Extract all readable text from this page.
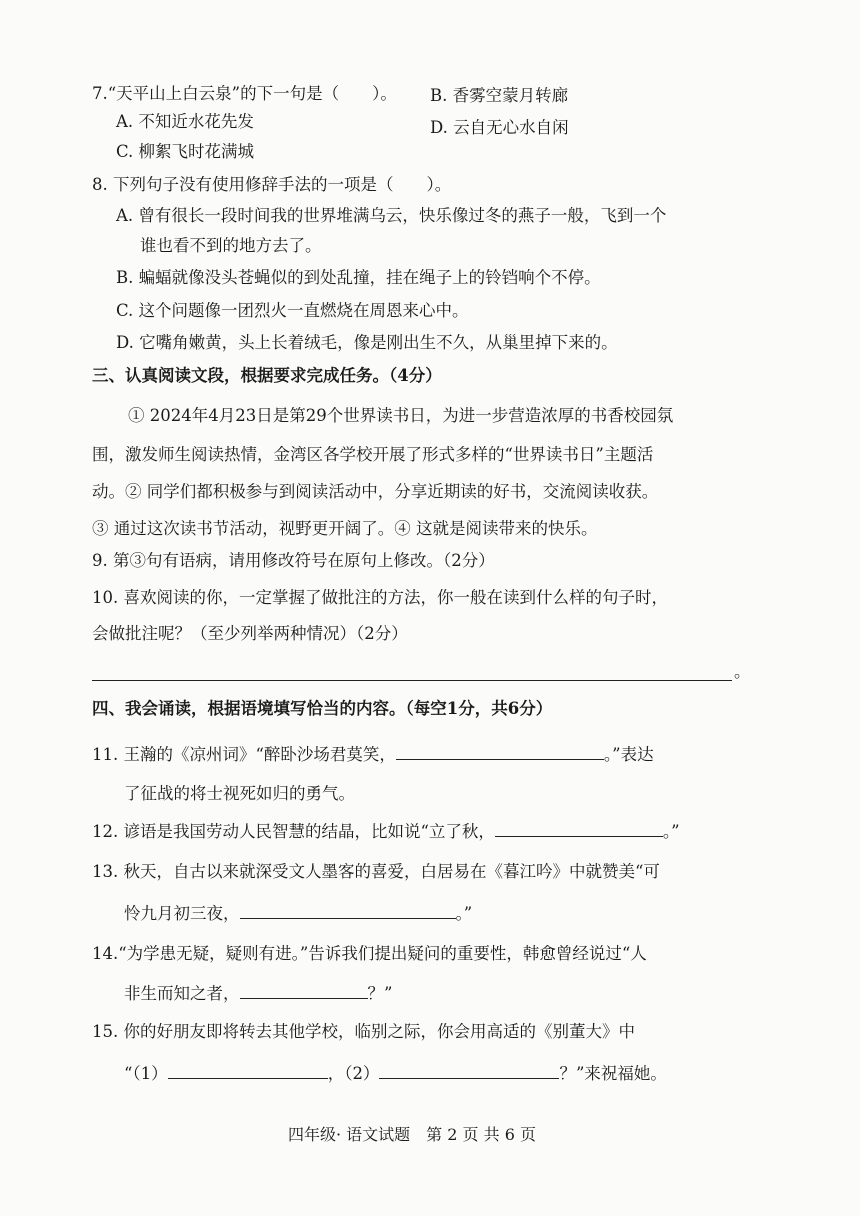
7.“天平山上白云泉”的下一句是（　　）。 B. 香雾空蒙月转廊
A. 不知近水花先发	D. 云自无心水自闲
C. 柳絮飞时花满城
8. 下列句子没有使用修辞手法的一项是（　　）。
A. 曾有很长一段时间我的世界堆满乌云，快乐像过冬的燕子一般，飞到一个
谁也看不到的地方去了。
B. 蝙蝠就像没头苍蝇似的到处乱撞，挂在绳子上的铃铛响个不停。
C. 这个问题像一团烈火一直燃烧在周恩来心中。
D. 它嘴角嫩黄，头上长着绒毛，像是刚出生不久，从巢里掉下来的。
三、认真阅读文段，根据要求完成任务。（4分）
① 2024年4月23日是第29个世界读书日，为进一步营造浓厚的书香校园氛
围，激发师生阅读热情，金湾区各学校开展了形式多样的“世界读书日”主题活
动。② 同学们都积极参与到阅读活动中，分享近期读的好书，交流阅读收获。
③ 通过这次读书节活动，视野更开阔了。④ 这就是阅读带来的快乐。
9. 第③句有语病，请用修改符号在原句上修改。（2分）
10. 喜欢阅读的你，一定掌握了做批注的方法，你一般在读到什么样的句子时，
会做批注呢？（至少列举两种情况）（2分）
。
四、我会诵读，根据语境填写恰当的内容。（每空1分，共6分）
11. 王瀚的《凉州词》“醉卧沙场君莫笑，	。”表达
了征战的将士视死如归的勇气。
12. 谚语是我国劳动人民智慧的结晶，比如说“立了秋，	。”
13. 秋天，自古以来就深受文人墨客的喜爱，白居易在《暮江吟》中就赞美“可
怜九月初三夜，	。”
14.“为学患无疑，疑则有进。”告诉我们提出疑问的重要性，韩愈曾经说过“人
非生而知之者，	？”
15. 你的好朋友即将转去其他学校，临别之际，你会用高适的《别董大》中
“（1）	，（2）	？”来祝福她。
四年级· 语文试题　第 2 页 共 6 页
